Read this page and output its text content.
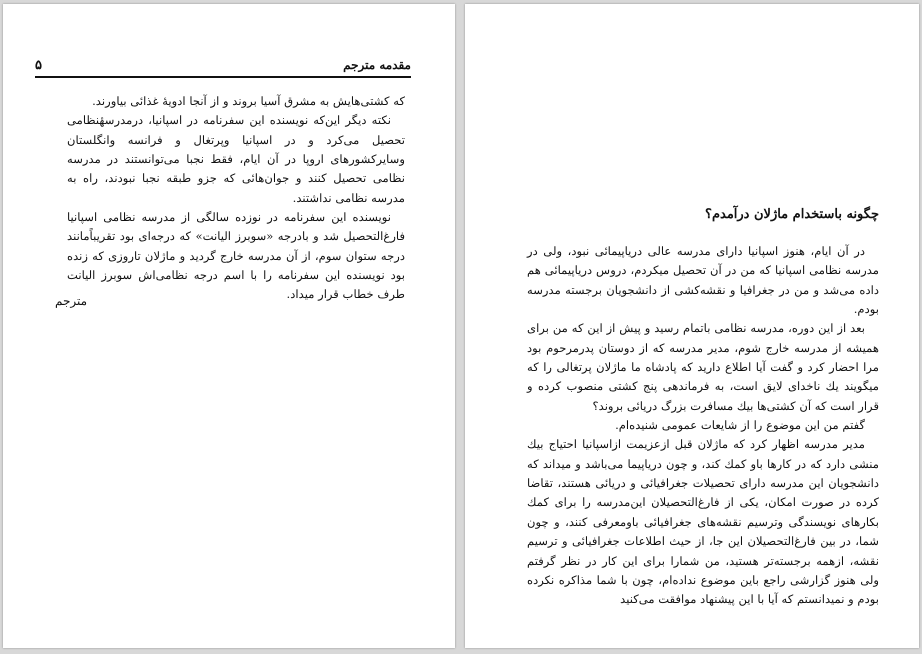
۵	مقدمه مترجم

که کشتی‌هایش به مشرق آسیا بروند و از آنجا ادویهٔ غذائی بیاورند.

نکته دیگر این‌که نویسنده این سفرنامه در اسپانیا، درمدرسهٔنظامی تحصیل می‌کرد و در اسپانیا وپرتغال و فرانسه وانگلستان وسایرکشورهای اروپا در آن ایام، فقط نجبا می‌توانستند در مدرسه نظامی تحصیل کنند و جوان‌هائی که جزو طبقه نجبا نبودند، راه به مدرسه نظامی نداشتند.

نویسنده این سفرنامه در نوزده سالگی از مدرسه نظامی اسپانیا فارغ‌التحصیل شد و بادرجه «سوبرز الیانت» که درجه‌ای بود تقریباًمانند درجه ستوان سوم، از آن مدرسه خارج گردید و ماژلان تاروزی که زنده بود نویسنده این سفرنامه را با اسم درجه نظامی‌اش سوبرز الیانت طرف خطاب قرار میداد.

مترجم
چگونه باستخدام ماژلان درآمدم؟

در آن ایام، هنوز اسپانیا دارای مدرسه عالی دریاپیمائی نبود، ولی در مدرسه نظامی اسپانیا که من در آن تحصیل میکردم، دروس دریاپیمائی هم داده می‌شد و من در جغرافیا و نقشه‌کشی از دانشجویان برجسته مدرسه بودم.

بعد از این دوره، مدرسه نظامی باتمام رسید و پیش از این که من برای همیشه از مدرسه خارج شوم، مدیر مدرسه که از دوستان پدرمرحوم بود مرا احضار کرد و گفت آیا اطلاع دارید که پادشاه ما ماژلان پرتغالی را که میگویند یك ناخدای لایق است، به فرماندهی پنج کشتی منصوب کرده و قرار است که آن کشتی‌ها بیك مسافرت بزرگ دریائی بروند؟

گفتم من این موضوع را از شایعات عمومی شنیده‌ام.

مدیر مدرسه اظهار کرد که ماژلان قبل ازعزیمت ازاسپانیا احتیاج بیك منشی دارد که در کارها باو کمك کند، و چون دریاپیما می‌باشد و میداند که دانشجویان این مدرسه دارای تحصیلات جغرافیائی و دریائی هستند، تقاضا کرده در صورت امکان، یکی از فارغ‌التحصیلان این‌مدرسه را برای کمك بکارهای نویسندگی وترسیم نقشه‌های جغرافیائی باومعرفی کنند، و چون شما، در بین فارغ‌التحصیلان این جا، از حیث اطلاعات جغرافیائی و ترسیم نقشه، ازهمه برجسته‌تر هستید، من شمارا برای این کار در نظر گرفتم ولی هنوز گزارشی راجع باین موضوع نداده‌ام، چون با شما مذاکره نکرده بودم و نمیدانستم که آیا با این پیشنهاد موافقت می‌کنید
